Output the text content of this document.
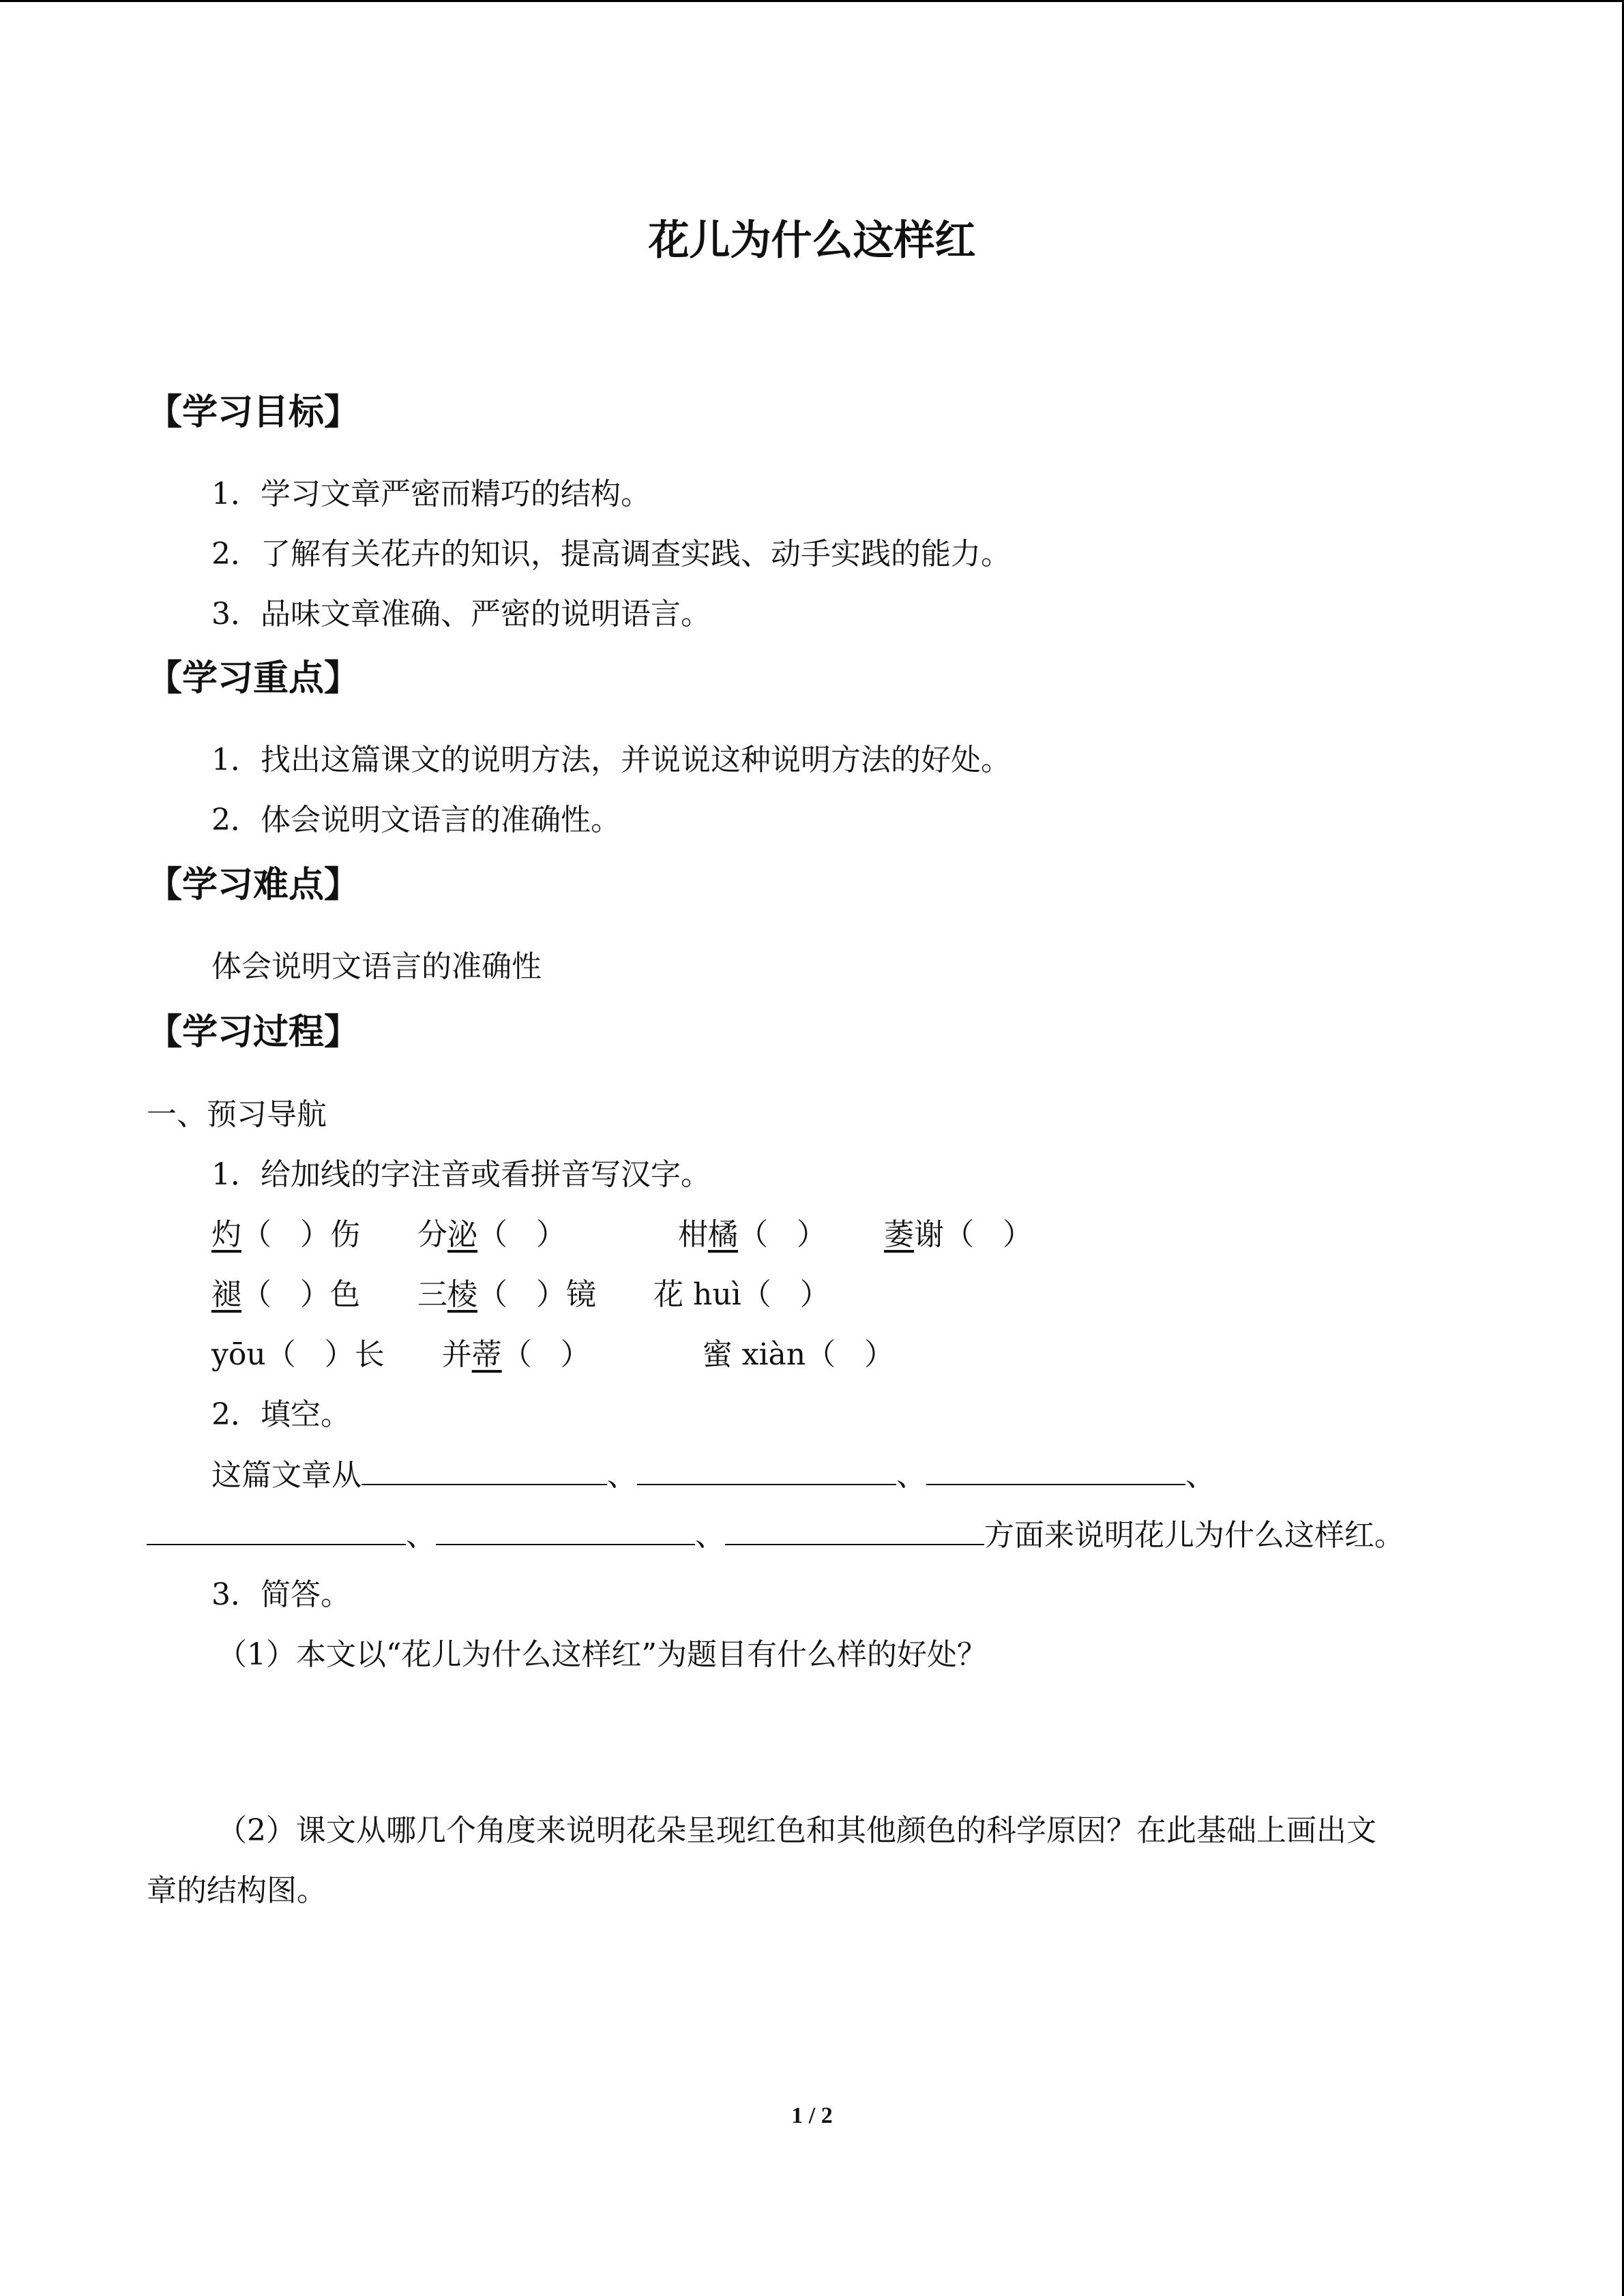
花儿为什么这样红
【学习目标】
1．学习文章严密而精巧的结构。
2．了解有关花卉的知识，提高调查实践、动手实践的能力。
3．品味文章准确、严密的说明语言。
【学习重点】
1．找出这篇课文的说明方法，并说说这种说明方法的好处。
2．体会说明文语言的准确性。
【学习难点】
体会说明文语言的准确性
【学习过程】
一、预习导航
1．给加线的字注音或看拼音写汉字。
灼（ ）伤 分泌（ ）	柑橘（ ） 萎谢（ ）
褪（ ）色 三棱（ ）镜 花 huì（ ）
yōu（ ）长 并蒂（ ）	蜜 xiàn（ ）
2．填空。
这篇文章从	、	、	、
、	、	方面来说明花儿为什么这样红。
3．简答。
（1）本文以“花儿为什么这样红”为题目有什么样的好处？
（2）课文从哪几个角度来说明花朵呈现红色和其他颜色的科学原因？在此基础上画出文
章的结构图。
1 / 2
